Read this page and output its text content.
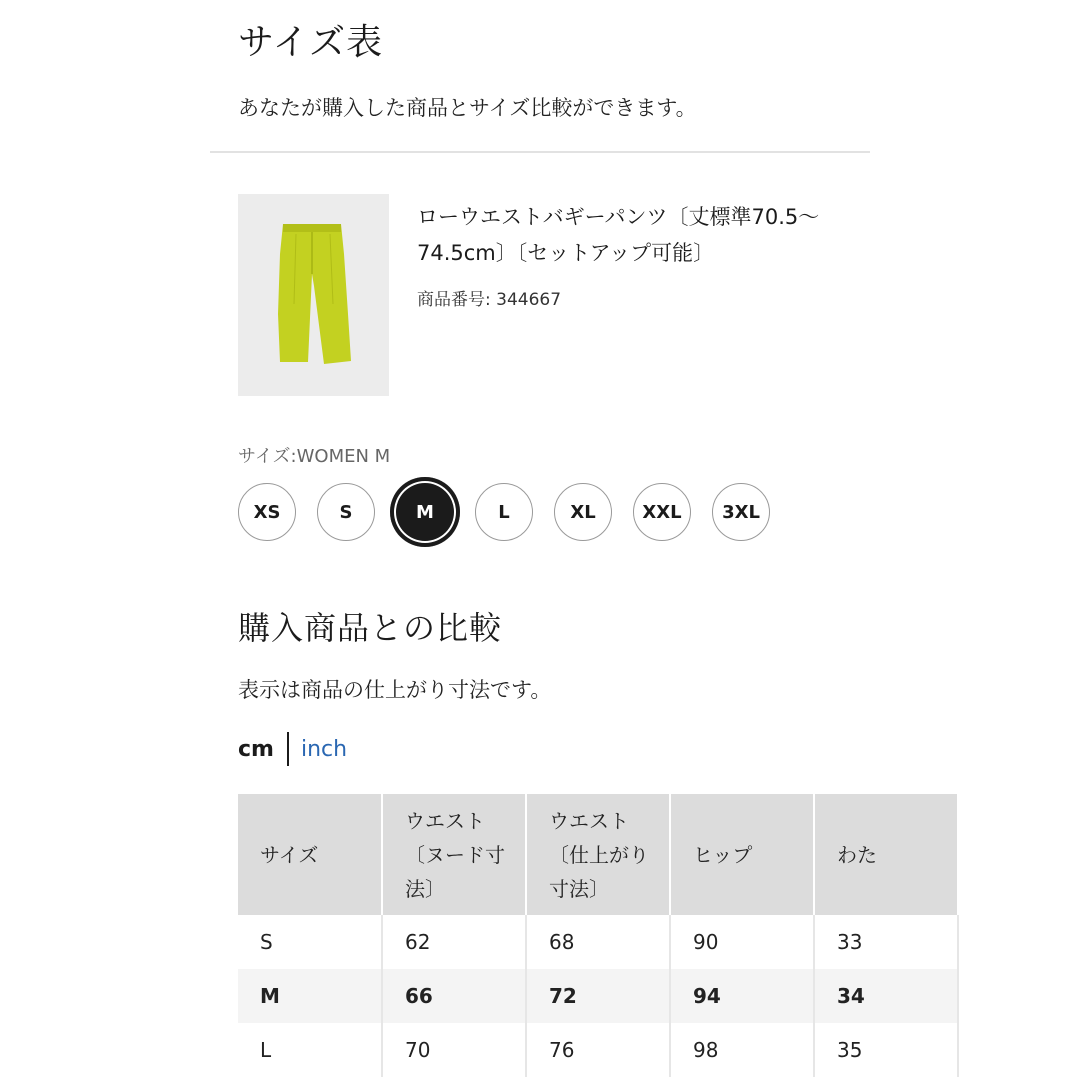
サイズ表
あなたが購入した商品とサイズ比較ができます。
ローウエストバギーパンツ〔丈標準70.5〜74.5cm〕〔セットアップ可能〕
商品番号: 344667
サイズ:WOMEN M
XS	S	M	L	XL	XXL	3XL
購入商品との比較
表示は商品の仕上がり寸法です。
cm inch
サイズ	ウエスト〔ヌード寸法〕	ウエスト〔仕上がり寸法〕	ヒップ	わた
S	62	68	90	33
M	66	72	94	34
L	70	76	98	35
